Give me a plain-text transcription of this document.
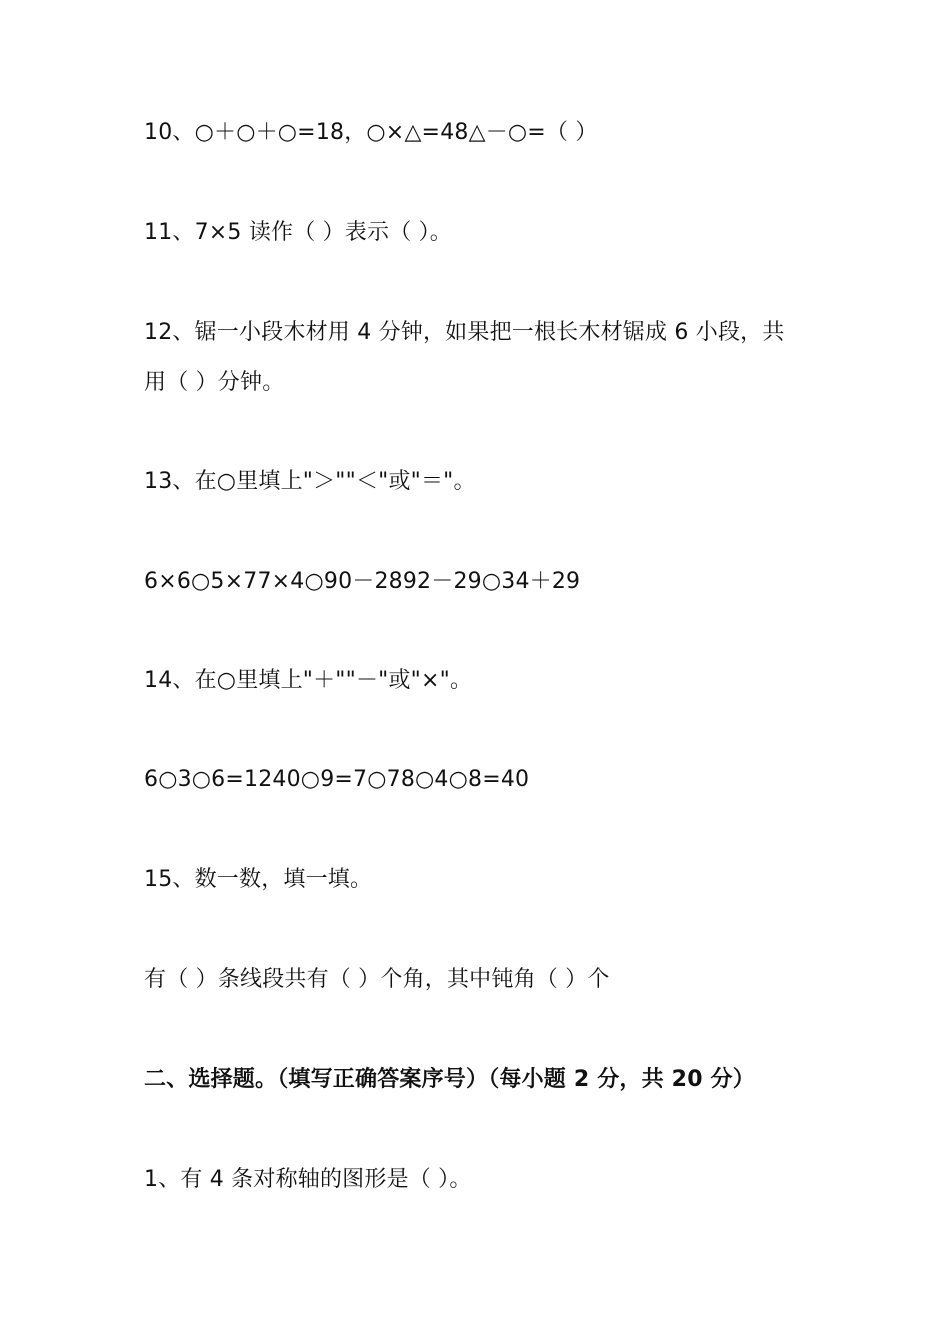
10、○＋○＋○=18，○×△=48△－○=（ ）
11、7×5 读作（ ）表示（ ）。
12、锯一小段木材用 4 分钟，如果把一根长木材锯成 6 小段，共
用（ ）分钟。
13、在○里填上"＞""＜"或"＝"。
6×6○5×77×4○90－2892－29○34＋29
14、在○里填上"＋""－"或"×"。
6○3○6=1240○9=7○78○4○8=40
15、数一数，填一填。
有（ ）条线段共有（ ）个角，其中钝角（ ）个
二、选择题。（填写正确答案序号）（每小题 2 分，共 20 分）
1、有 4 条对称轴的图形是（ ）。
